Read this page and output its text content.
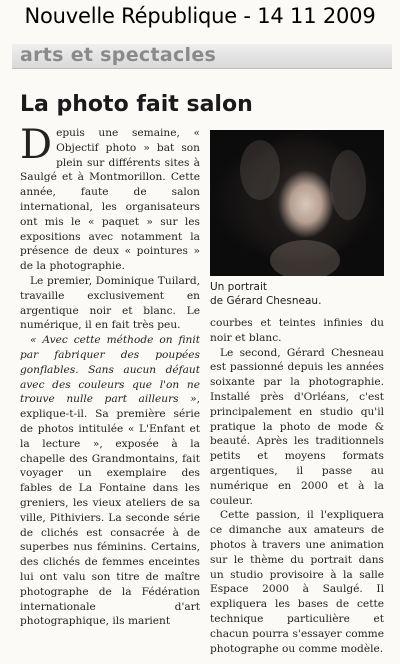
Nouvelle République - 14 11 2009
arts et spectacles
La photo fait salon

Depuis une semaine, « Objectif photo » bat son plein sur différents sites à Saulgé et à Montmorillon. Cette année, faute de salon international, les organisateurs ont mis le « paquet » sur les expositions avec notamment la présence de deux « pointures » de la photographie.

Le premier, Dominique Tuilard, travaille exclusivement en argentique noir et blanc. Le numérique, il en fait très peu.

« Avec cette méthode on finit par fabriquer des poupées gonflables. Sans aucun défaut avec des couleurs que l'on ne trouve nulle part ailleurs », explique-t-il. Sa première série de photos intitulée « L'Enfant et la lecture », exposée à la chapelle des Grandmontains, fait voyager un exemplaire des fables de La Fontaine dans les greniers, les vieux ateliers de sa ville, Pithiviers. La seconde série de clichés est consacrée à de superbes nus féminins. Certains, des clichés de femmes enceintes lui ont valu son titre de maître photographe de la Fédération internationale d'art photographique, ils marient

Un portrait
de Gérard Chesneau.

courbes et teintes infinies du noir et blanc.

Le second, Gérard Chesneau est passionné depuis les années soixante par la photographie. Installé près d'Orléans, c'est principalement en studio qu'il pratique la photo de mode & beauté. Après les traditionnels petits et moyens formats argentiques, il passe au numérique en 2000 et à la couleur.

Cette passion, il l'expliquera ce dimanche aux amateurs de photos à travers une animation sur le thème du portrait dans un studio provisoire à la salle Espace 2000 à Saulgé. Il expliquera les bases de cette technique particulière et chacun pourra s'essayer comme photographe ou comme modèle.
